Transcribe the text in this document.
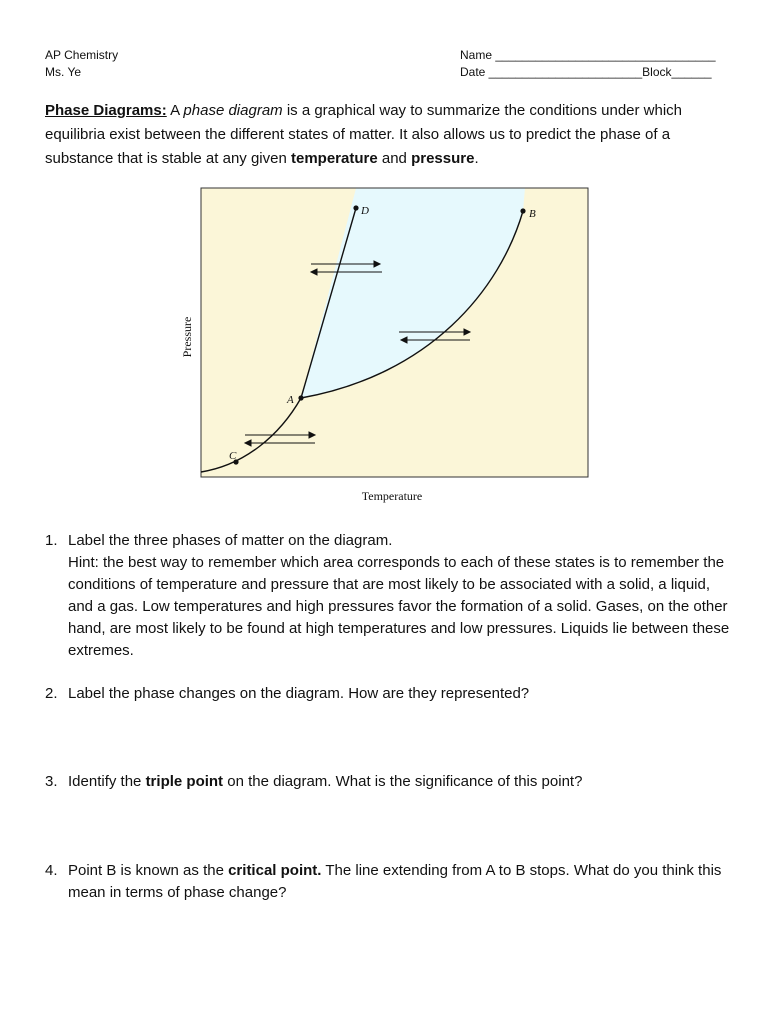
AP Chemistry
Ms. Ye
Name _________________________________
Date _______________________Block______
Phase Diagrams: A phase diagram is a graphical way to summarize the conditions under which equilibria exist between the different states of matter. It also allows us to predict the phase of a substance that is stable at any given temperature and pressure.
A
B
C
D
Temperature
Pressure
1. Label the three phases of matter on the diagram.
Hint: the best way to remember which area corresponds to each of these states is to remember the conditions of temperature and pressure that are most likely to be associated with a solid, a liquid, and a gas. Low temperatures and high pressures favor the formation of a solid. Gases, on the other hand, are most likely to be found at high temperatures and low pressures. Liquids lie between these extremes.
2. Label the phase changes on the diagram. How are they represented?
3. Identify the triple point on the diagram. What is the significance of this point?
4. Point B is known as the critical point. The line extending from A to B stops. What do you think this mean in terms of phase change?
